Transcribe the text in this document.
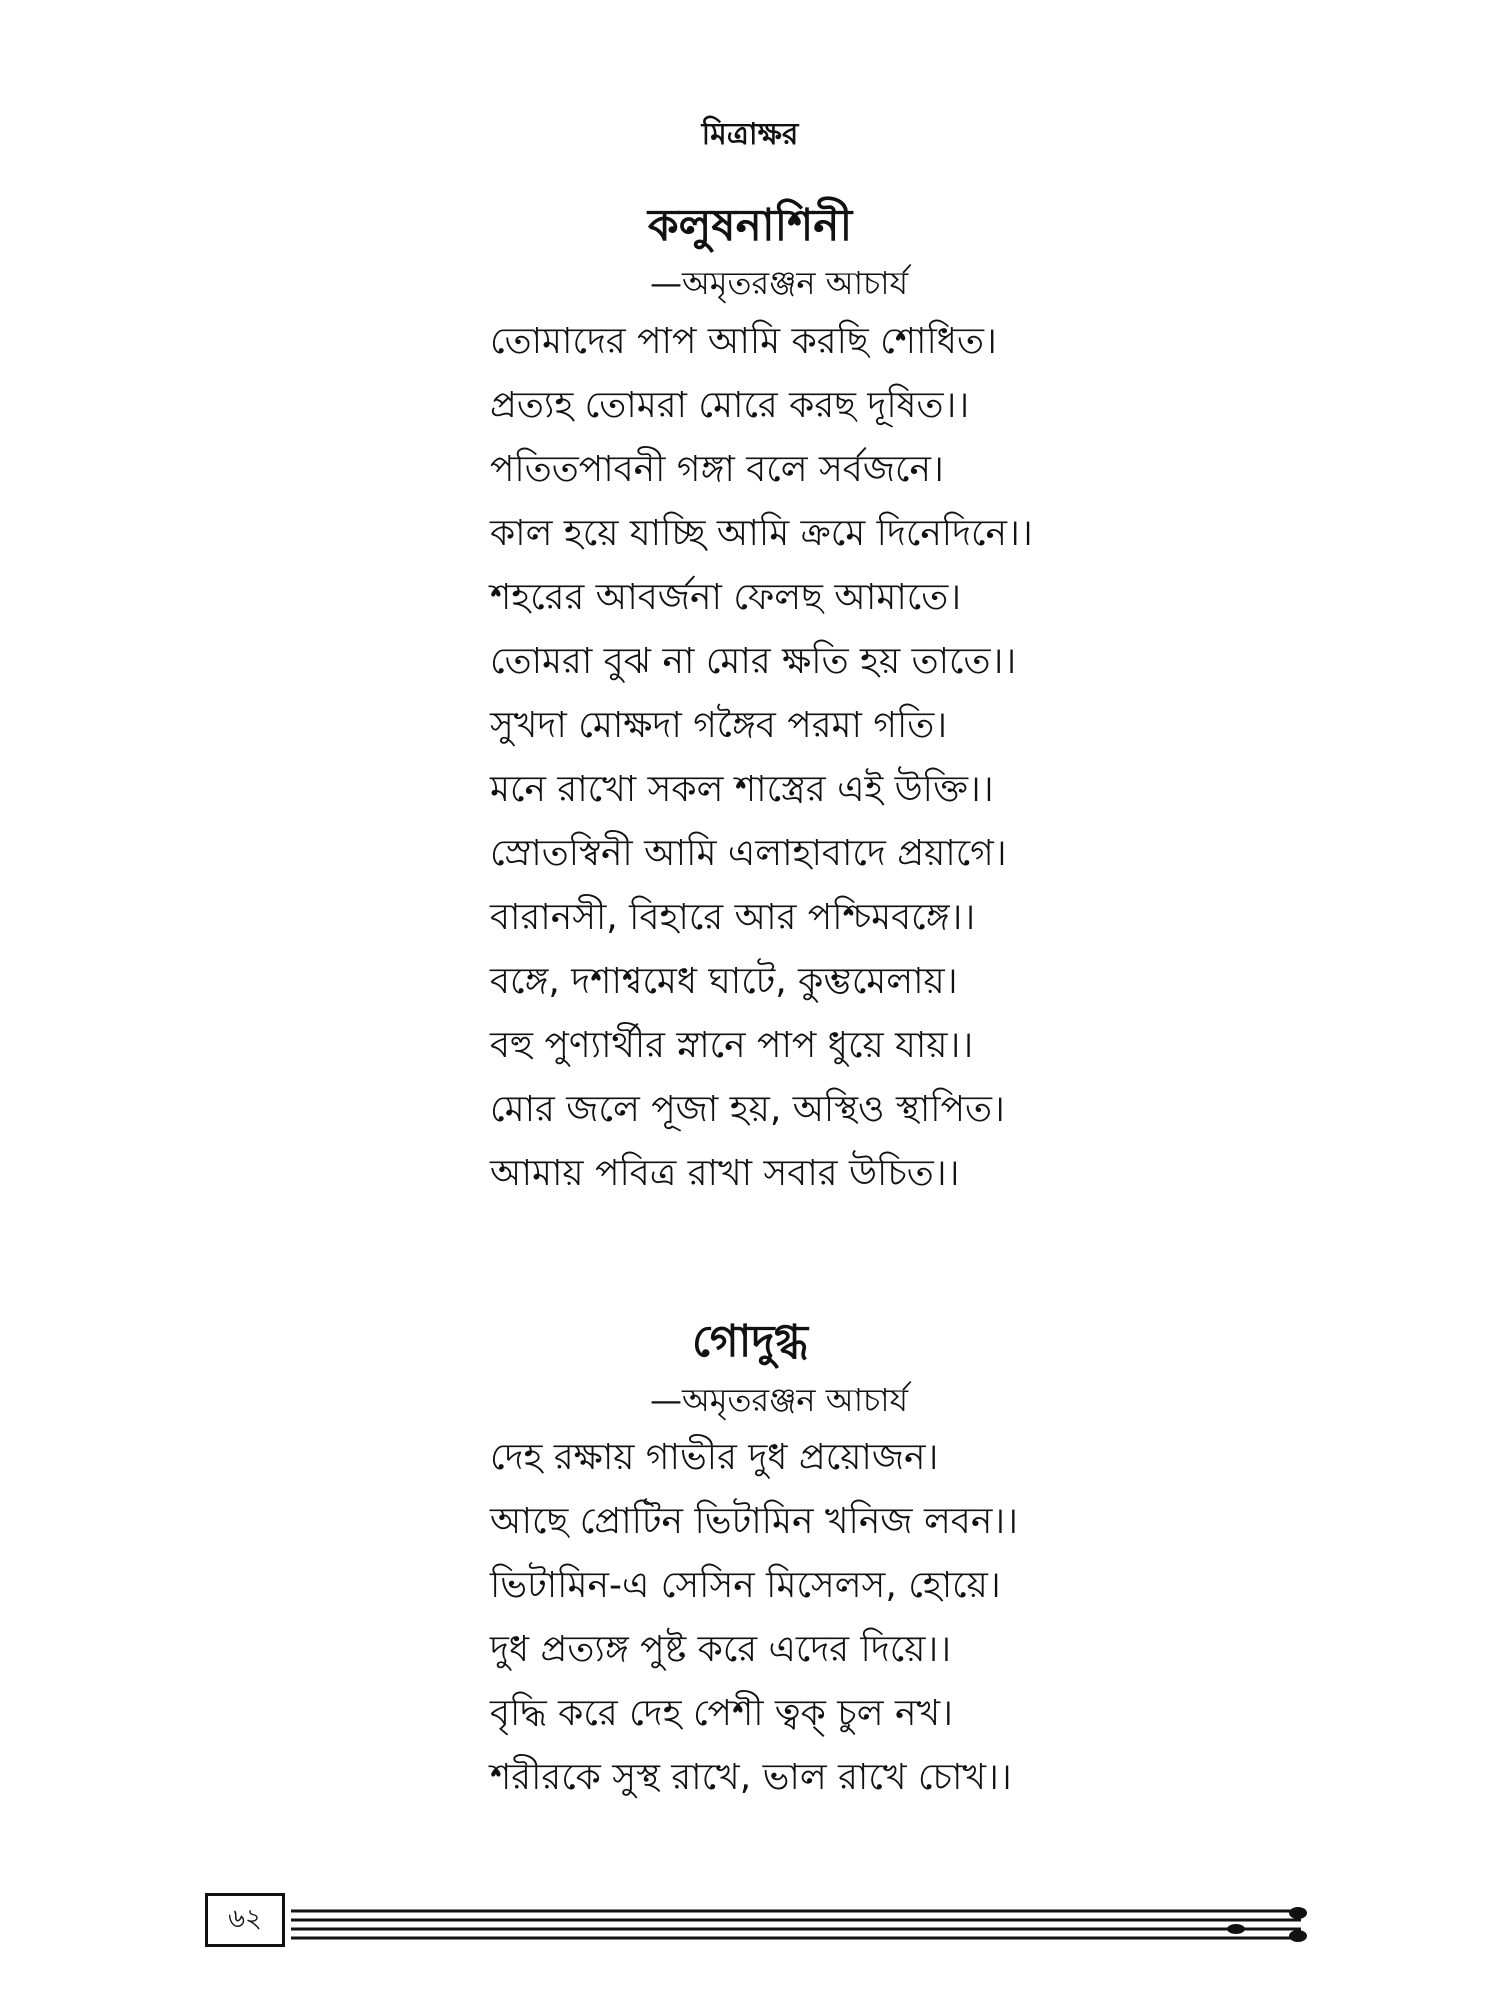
মিত্রাক্ষর
কলুষনাশিনী
—অমৃতরঞ্জন আচার্য
তোমাদের পাপ আমি করছি শোধিত।
প্রত্যহ তোমরা মোরে করছ দূষিত।।
পতিতপাবনী গঙ্গা বলে সর্বজনে।
কাল হয়ে যাচ্ছি আমি ক্রমে দিনেদিনে।।
শহরের আবর্জনা ফেলছ আমাতে।
তোমরা বুঝ না মোর ক্ষতি হয় তাতে।।
সুখদা মোক্ষদা গঙ্গৈব পরমা গতি।
মনে রাখো সকল শাস্ত্রের এই উক্তি।।
স্রোতস্বিনী আমি এলাহাবাদে প্রয়াগে।
বারানসী, বিহারে আর পশ্চিমবঙ্গে।।
বঙ্গে, দশাশ্বমেধ ঘাটে, কুম্ভমেলায়।
বহু পুণ্যার্থীর স্নানে পাপ ধুয়ে যায়।।
মোর জলে পূজা হয়, অস্থিও স্থাপিত।
আমায় পবিত্র রাখা সবার উচিত।।
গোদুগ্ধ
—অমৃতরঞ্জন আচার্য
দেহ রক্ষায় গাভীর দুধ প্রয়োজন।
আছে প্রোটিন ভিটামিন খনিজ লবন।।
ভিটামিন-এ সেসিন মিসেলস, হোয়ে।
দুধ প্রত্যঙ্গ পুষ্ট করে এদের দিয়ে।।
বৃদ্ধি করে দেহ পেশী ত্বক্ চুল নখ।
শরীরকে সুস্থ রাখে, ভাল রাখে চোখ।।
৬২
